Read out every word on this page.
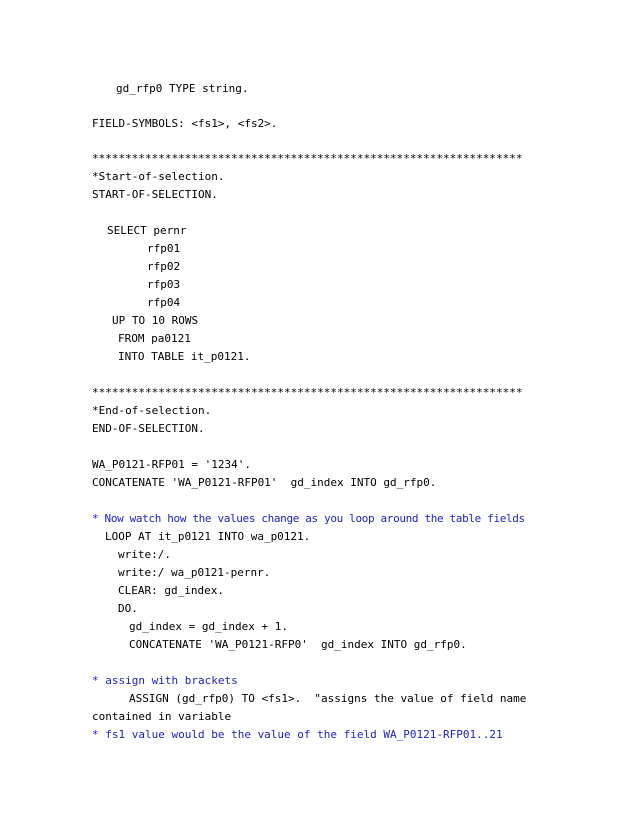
gd_rfp0 TYPE string.

FIELD-SYMBOLS: <fs1>, <fs2>.

*****************************************************************

*Start-of-selection.

START-OF-SELECTION.

SELECT pernr

rfp01

rfp02

rfp03

rfp04

UP TO 10 ROWS

FROM pa0121

INTO TABLE it_p0121.

*****************************************************************

*End-of-selection.

END-OF-SELECTION.

WA_P0121-RFP01 = '1234'.

CONCATENATE 'WA_P0121-RFP01'  gd_index INTO gd_rfp0.

* Now watch how the values change as you loop around the table fields

LOOP AT it_p0121 INTO wa_p0121.

write:/.

write:/ wa_p0121-pernr.

CLEAR: gd_index.

DO.

gd_index = gd_index + 1.

CONCATENATE 'WA_P0121-RFP0'  gd_index INTO gd_rfp0.

* assign with brackets

ASSIGN (gd_rfp0) TO <fs1>.  "assigns the value of field name

contained in variable

* fs1 value would be the value of the field WA_P0121-RFP01..21
